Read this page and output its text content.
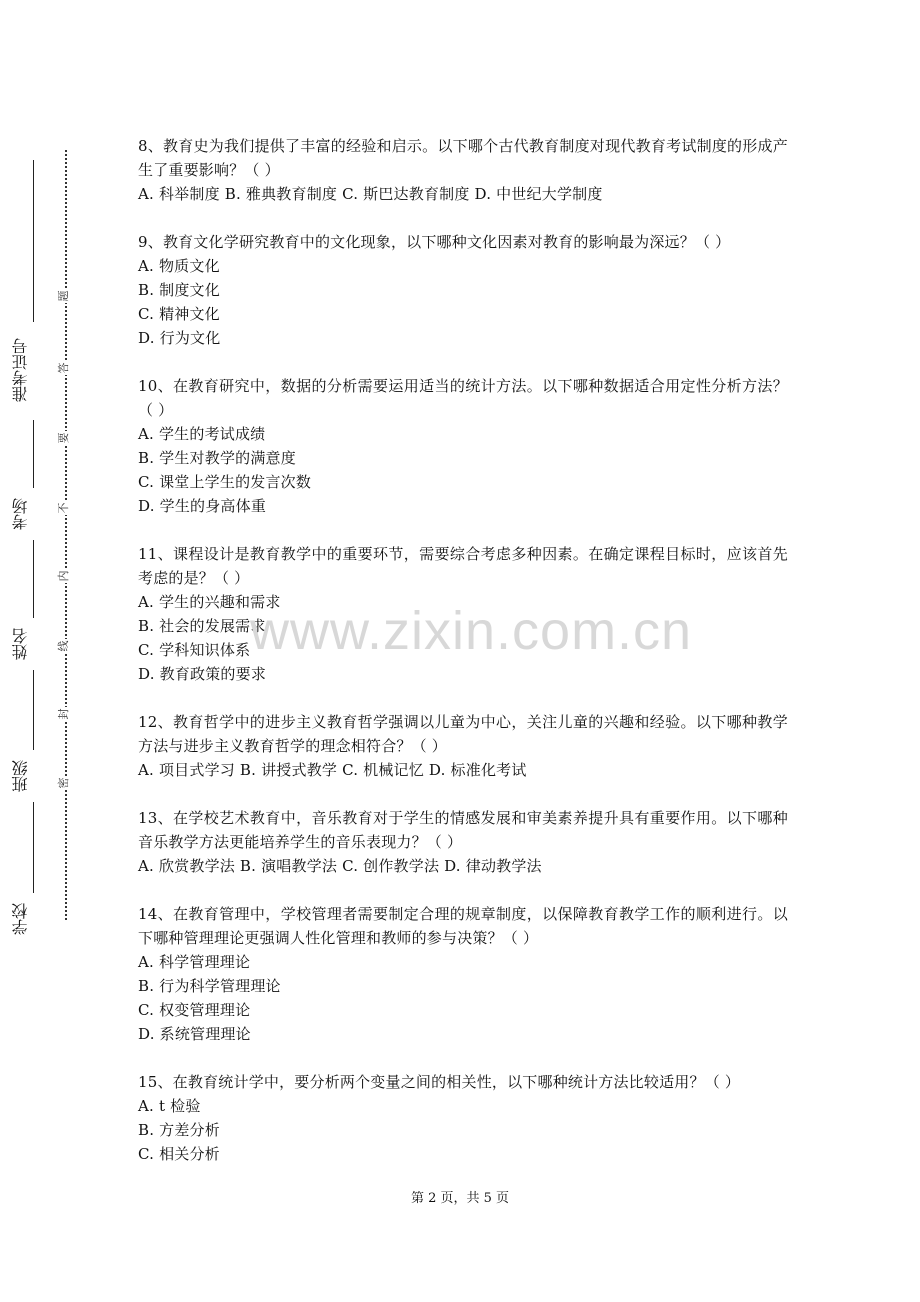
准考证号
考场
姓名
班级
学校
题
答
要
不
内
线
封
密
8、教育史为我们提供了丰富的经验和启示。以下哪个古代教育制度对现代教育考试制度的形成产生了重要影响？（ ）
A. 科举制度 B. 雅典教育制度 C. 斯巴达教育制度 D. 中世纪大学制度
9、教育文化学研究教育中的文化现象，以下哪种文化因素对教育的影响最为深远？（ ）
A. 物质文化
B. 制度文化
C. 精神文化
D. 行为文化
10、在教育研究中，数据的分析需要运用适当的统计方法。以下哪种数据适合用定性分析方法？（ ）
A. 学生的考试成绩
B. 学生对教学的满意度
C. 课堂上学生的发言次数
D. 学生的身高体重
11、课程设计是教育教学中的重要环节，需要综合考虑多种因素。在确定课程目标时，应该首先考虑的是？（ ）
A. 学生的兴趣和需求
B. 社会的发展需求
C. 学科知识体系
D. 教育政策的要求
12、教育哲学中的进步主义教育哲学强调以儿童为中心，关注儿童的兴趣和经验。以下哪种教学方法与进步主义教育哲学的理念相符合？（ ）
A. 项目式学习 B. 讲授式教学 C. 机械记忆 D. 标准化考试
13、在学校艺术教育中，音乐教育对于学生的情感发展和审美素养提升具有重要作用。以下哪种音乐教学方法更能培养学生的音乐表现力？（ ）
A. 欣赏教学法 B. 演唱教学法 C. 创作教学法 D. 律动教学法
14、在教育管理中，学校管理者需要制定合理的规章制度，以保障教育教学工作的顺利进行。以下哪种管理理论更强调人性化管理和教师的参与决策？（ ）
A. 科学管理理论
B. 行为科学管理理论
C. 权变管理理论
D. 系统管理理论
15、在教育统计学中，要分析两个变量之间的相关性，以下哪种统计方法比较适用？（ ）
A. t 检验
B. 方差分析
C. 相关分析
www.zixin.com.cn
第 2 页，共 5 页
